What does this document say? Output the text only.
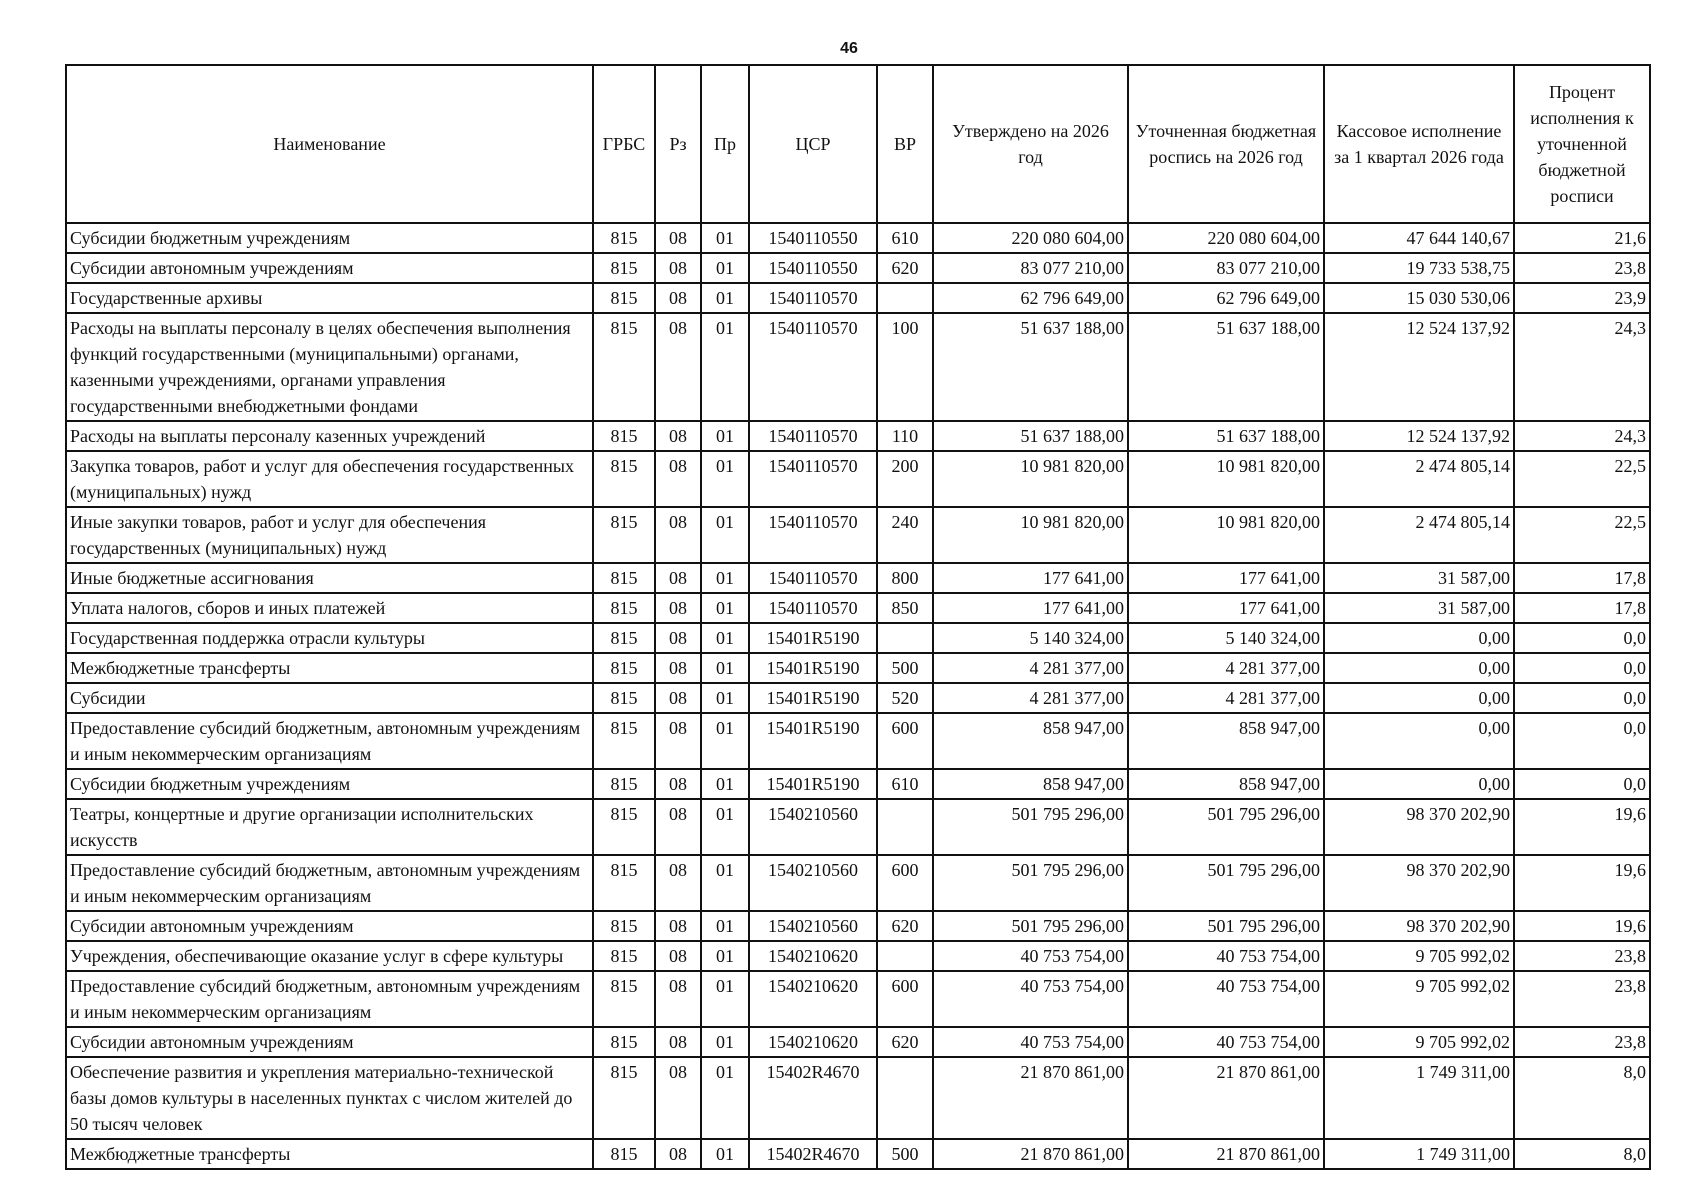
46
Наименование	ГРБС	Рз	Пр	ЦСР	ВР	Утверждено на 2026 год	Уточненная бюджетная роспись на 2026 год	Кассовое исполнение за 1 квартал 2026 года	Процент исполнения к уточненной бюджетной росписи
Субсидии бюджетным учреждениям	815	08	01	1540110550	610	220 080 604,00	220 080 604,00	47 644 140,67	21,6
Субсидии автономным учреждениям	815	08	01	1540110550	620	83 077 210,00	83 077 210,00	19 733 538,75	23,8
Государственные архивы	815	08	01	1540110570		62 796 649,00	62 796 649,00	15 030 530,06	23,9
Расходы на выплаты персоналу в целях обеспечения выполнения функций государственными (муниципальными) органами, казенными учреждениями, органами управления государственными внебюджетными фондами	815	08	01	1540110570	100	51 637 188,00	51 637 188,00	12 524 137,92	24,3
Расходы на выплаты персоналу казенных учреждений	815	08	01	1540110570	110	51 637 188,00	51 637 188,00	12 524 137,92	24,3
Закупка товаров, работ и услуг для обеспечения государственных (муниципальных) нужд	815	08	01	1540110570	200	10 981 820,00	10 981 820,00	2 474 805,14	22,5
Иные закупки товаров, работ и услуг для обеспечения государственных (муниципальных) нужд	815	08	01	1540110570	240	10 981 820,00	10 981 820,00	2 474 805,14	22,5
Иные бюджетные ассигнования	815	08	01	1540110570	800	177 641,00	177 641,00	31 587,00	17,8
Уплата налогов, сборов и иных платежей	815	08	01	1540110570	850	177 641,00	177 641,00	31 587,00	17,8
Государственная поддержка отрасли культуры	815	08	01	15401R5190		5 140 324,00	5 140 324,00	0,00	0,0
Межбюджетные трансферты	815	08	01	15401R5190	500	4 281 377,00	4 281 377,00	0,00	0,0
Субсидии	815	08	01	15401R5190	520	4 281 377,00	4 281 377,00	0,00	0,0
Предоставление субсидий бюджетным, автономным учреждениям и иным некоммерческим организациям	815	08	01	15401R5190	600	858 947,00	858 947,00	0,00	0,0
Субсидии бюджетным учреждениям	815	08	01	15401R5190	610	858 947,00	858 947,00	0,00	0,0
Театры, концертные и другие организации исполнительских искусств	815	08	01	1540210560		501 795 296,00	501 795 296,00	98 370 202,90	19,6
Предоставление субсидий бюджетным, автономным учреждениям и иным некоммерческим организациям	815	08	01	1540210560	600	501 795 296,00	501 795 296,00	98 370 202,90	19,6
Субсидии автономным учреждениям	815	08	01	1540210560	620	501 795 296,00	501 795 296,00	98 370 202,90	19,6
Учреждения, обеспечивающие оказание услуг в сфере культуры	815	08	01	1540210620		40 753 754,00	40 753 754,00	9 705 992,02	23,8
Предоставление субсидий бюджетным, автономным учреждениям и иным некоммерческим организациям	815	08	01	1540210620	600	40 753 754,00	40 753 754,00	9 705 992,02	23,8
Субсидии автономным учреждениям	815	08	01	1540210620	620	40 753 754,00	40 753 754,00	9 705 992,02	23,8
Обеспечение развития и укрепления материально-технической базы домов культуры в населенных пунктах с числом жителей до 50 тысяч человек	815	08	01	15402R4670		21 870 861,00	21 870 861,00	1 749 311,00	8,0
Межбюджетные трансферты	815	08	01	15402R4670	500	21 870 861,00	21 870 861,00	1 749 311,00	8,0
